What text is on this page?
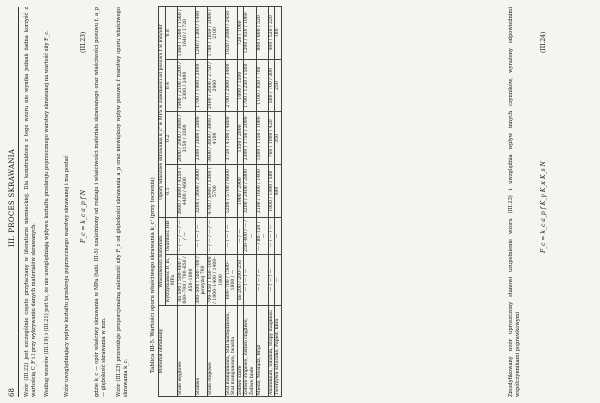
68
III. PROCES SKRAWANIA Wzór (III.22) jest szczególnie często przytaczany w literaturze niemieckiej. Dla konstruktora z tego wzoru nie wynika jednak żadna korzyść z wartością C_F i l przy wykrywaniu danych materiałów skrawanych. Według wzorów (III.19) i (III.21) jest to, że nie uwzględniają wpływu kształtu przekroju poprzecznego warstwy skrawanej na wartość siły F_c.	Wzór uwzględniający wpływ kształtu przekroju poprzecznego warstwy skrawanej i ma postać F_c = k_c a_p f N
(III.23) gdzie k_c — opór właściwy skrawania w MPa (tabl. III-5) uzależniony od rodzaju i właściwości materiału skrawanego oraz właściwości posuwu f, a_p — głębokość skrawania w mm. Wzór (III.23) przewiduje proporcjonalną zależność siły F_c od głębokości skrawania a_p oraz niewiększy wpływ posuwu f warstwy oporu właściwego skrawania k_c.
Tablica III-5. Wartości oporu właściwego skrawania k_c' (przy toczeniu) Materiał obrabiany	Właściwości materiału		Opory właściwe skrawania k_c' w MPa w zależności od posuwu f w mm/obr			
	wytrzymałość R_m, MPa	twardość HB	0.1	0.2	0.4	0.8
Stale węglowe	do 500 / 500–600 / 600–700 / 700–850 / 850–1000	— / — / — / — / —	3600 / 3600 / 4250 / 4400 / 4600	2600 / 2900 / 3000 / 3150 / 3300	1900 / 2100 / 2200 / 2300 / 2400	1360 / 1500 / 1560 / 1640 / 1720
Staliwo	300–500 / 500–700 / powyżej 700	— / — / —	3200 / 3600 / 3900	2300 / 2600 / 2800	1700 / 1900 / 2000	1240 / 1360 / 1440
Stale stopowe	700–850 / 850–1000 / 1000–1400 / 1400–1800	— / — / — / —	4700 / 5000 / 5300 / 5700	3400 / 3600 / 3800 / 4100	2400 / 2600 / 2750 / 2900	1780 / 1850 / 2000 / 2100
Stal manganowa, Stal narzędziowa, Stal manganowa, twarda	600–700 / 1500–1800 / —	— / — / —	5200 / 5700 / 6600	3750 / 4100 / 4800	2700 / 2900 / 3400	1920 / 2080 / 2450
Żeliwo szare	do 200 / 200–250	— / —	1900 / 2900	1350 / 2000	1000 / 1500	720 / 1060
Żeliwo stopowe, Żeliwo ciągliwe, Żeliwo białe	— / — / —	250–400 / — / —	3200 / 2400 / 2800	2300 / 1750 / 2000	1700 / 1250 / 1500	1200 / 920 / 1060
Miedź, Mosiądz, Brąz	— / — / —	— / 80–120 / —	2100 / 1600 / 1400	1500 / 1150 / 1000	1100 / 850 / 700	800 / 600 / 520
Aluminium, Silumin, Stopy magnezu	— / — / —	— / — / —	1000 / 1400 / 580	760 / 1000 / 420	560 / 700 / 300	400 / 520 / 220
Tworzywa sztuczne, Papier, fibra	—	—	480	350	250	180	Zmodyfikowany wzór uproszczony stanowi uzupełnienie wzoru (III.23) i uwzględnia wpływ innych czynników, wyrażony odpowiednimi współczynnikami poprawkowymi
F_c = k_c a_p f K_γ K_κ K_s N
(III.24)
